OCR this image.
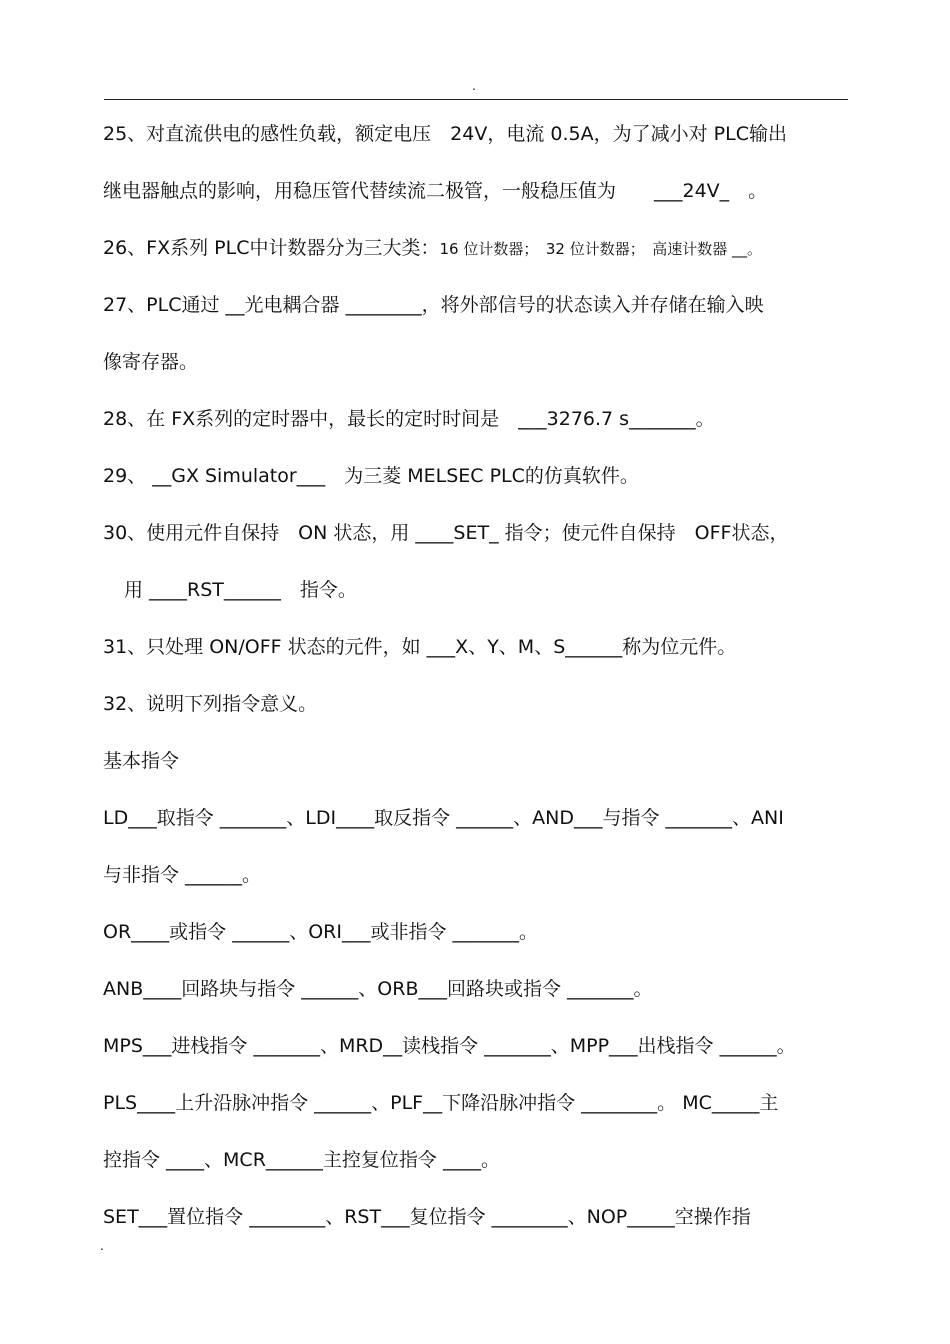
.
25、对直流供电的感性负载，额定电压　24V，电流 0.5A，为了减小对 PLC输出
继电器触点的影响，用稳压管代替续流二极管，一般稳压值为　　___24V_　。
26、FX系列 PLC中计数器分为三大类：16 位计数器；　32 位计数器；　高速计数器 __。
27、PLC通过 __光电耦合器 ________，将外部信号的状态读入并存储在输入映
像寄存器。
28、在 FX系列的定时器中，最长的定时时间是　___3276.7 s_______。
29、 __GX Simulator___　为三菱 MELSEC PLC的仿真软件。
30、使用元件自保持　ON 状态，用 ____SET_ 指令；使元件自保持　OFF状态，
用 ____RST______　指令。
31、只处理 ON/OFF 状态的元件，如 ___X、Y、M、S______称为位元件。
32、说明下列指令意义。
基本指令
LD___取指令 _______、LDI____取反指令 ______、AND___与指令 _______、ANI
与非指令 ______。
OR____或指令 ______、ORI___或非指令 _______。
ANB____回路块与指令 ______、ORB___回路块或指令 _______。
MPS___进栈指令 _______、MRD__读栈指令 _______、MPP___出栈指令 ______。
PLS____上升沿脉冲指令 ______、PLF__下降沿脉冲指令 ________。 MC_____主
控指令 ____、MCR______主控复位指令 ____。
SET___置位指令 ________、RST___复位指令 ________、NOP_____空操作指
.
